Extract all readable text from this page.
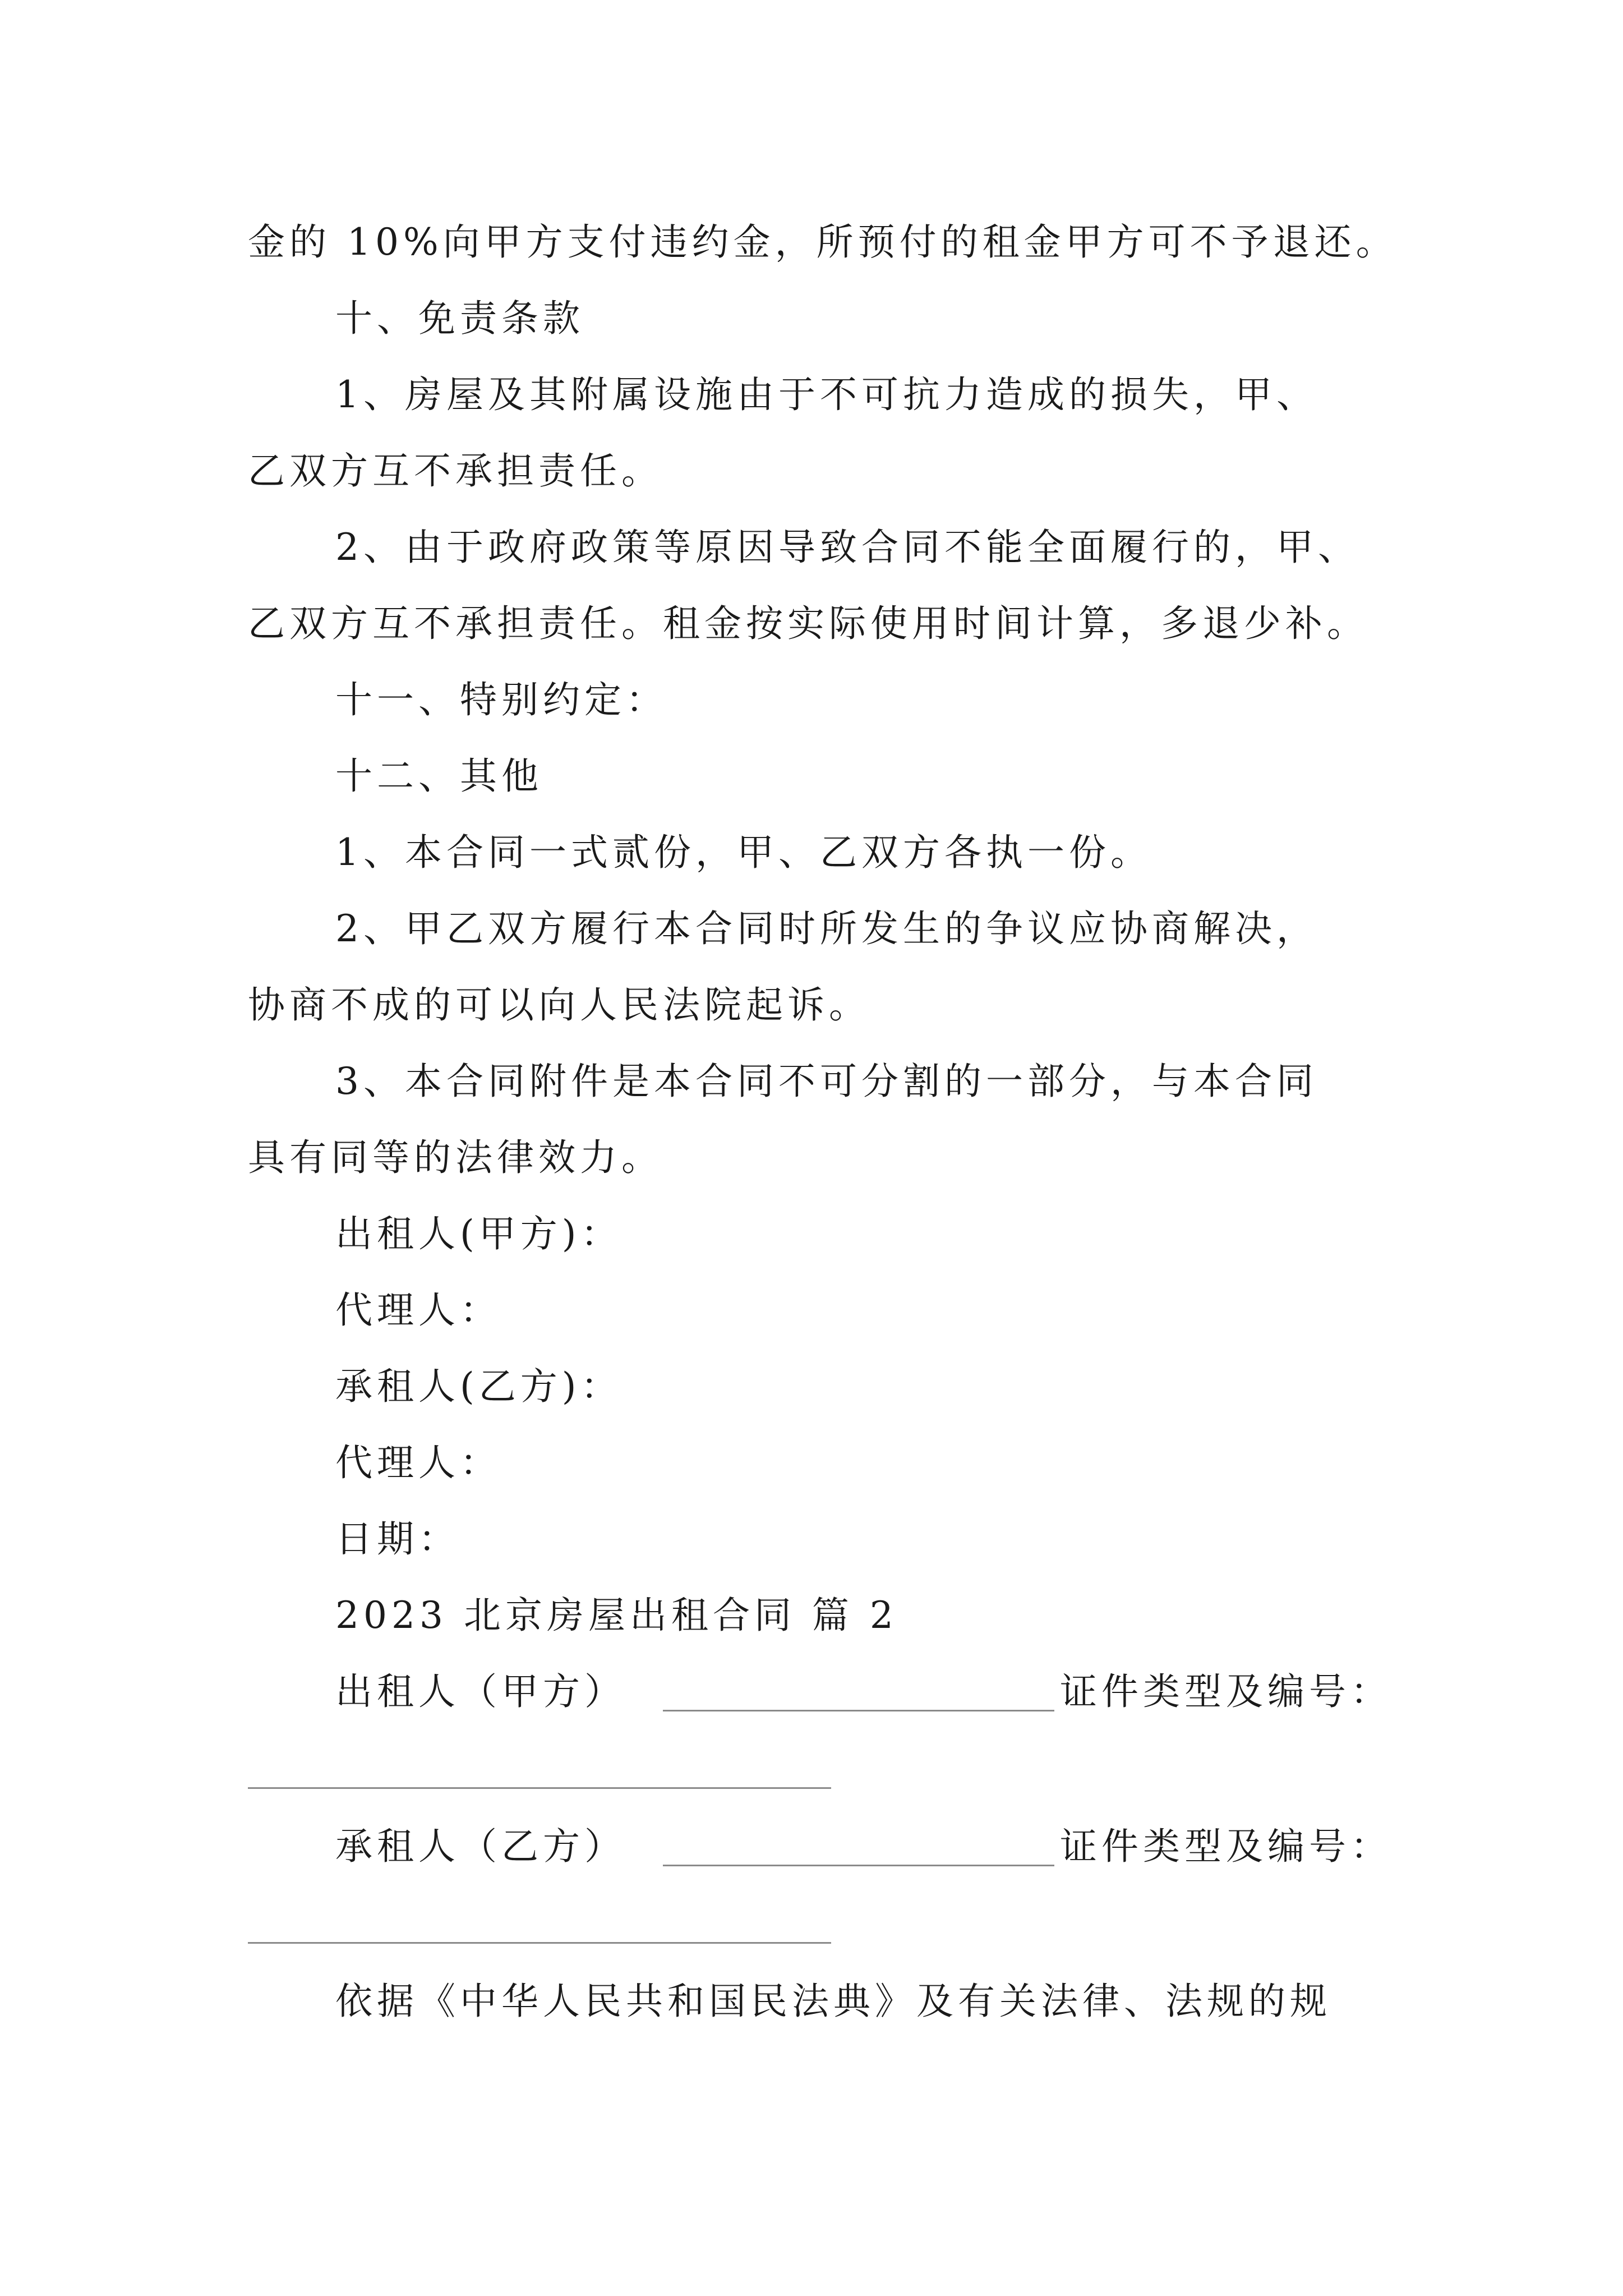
金的 10%向甲方支付违约金，所预付的租金甲方可不予退还。
十、免责条款
1、房屋及其附属设施由于不可抗力造成的损失，甲、
乙双方互不承担责任。
2、由于政府政策等原因导致合同不能全面履行的，甲、
乙双方互不承担责任。租金按实际使用时间计算，多退少补。
十一、特别约定：
十二、其他
1、本合同一式贰份，甲、乙双方各执一份。
2、甲乙双方履行本合同时所发生的争议应协商解决，
协商不成的可以向人民法院起诉。
3、本合同附件是本合同不可分割的一部分，与本合同
具有同等的法律效力。
出租人(甲方)：
代理人：
承租人(乙方)：
代理人：
日期：
2023 北京房屋出租合同 篇 2
出租人（甲方）	证件类型及编号：
承租人（乙方）	证件类型及编号：
依据《中华人民共和国民法典》及有关法律、法规的规
